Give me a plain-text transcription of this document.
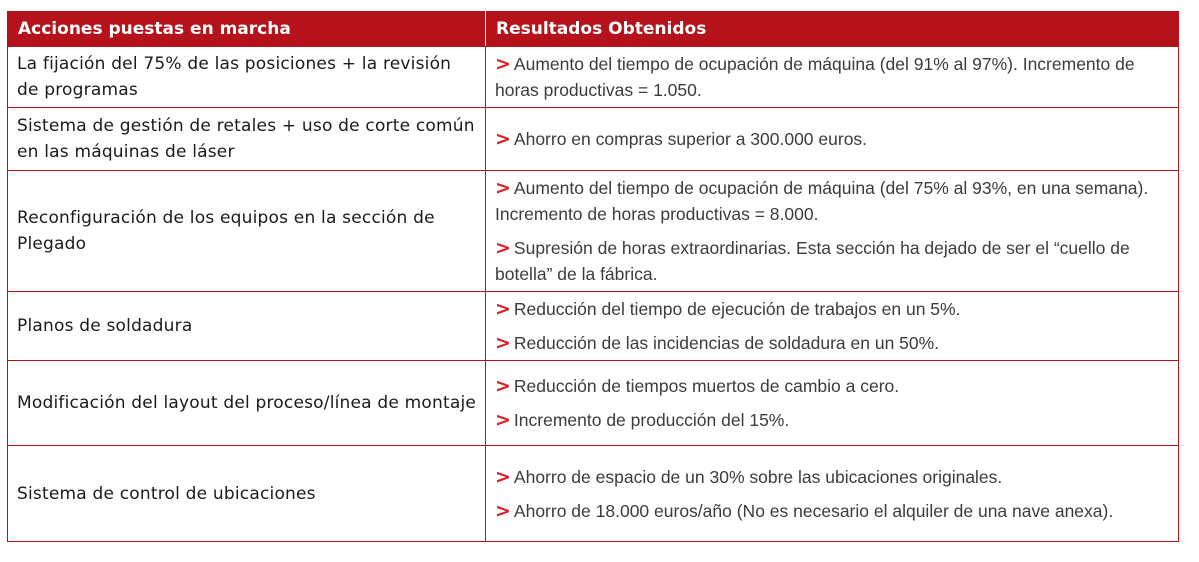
Acciones puestas en marcha	Resultados Obtenidos
La fijación del 75% de las posiciones + la revisión de programas	> Aumento del tiempo de ocupación de máquina (del 91% al 97%). Incremento de horas productivas = 1.050.

Sistema de gestión de retales + uso de corte común en las máquinas de láser	> Ahorro en compras superior a 300.000 euros.

Reconfiguración de los equipos en la sección de Plegado	> Aumento del tiempo de ocupación de máquina (del 75% al 93%, en una semana). Incremento de horas productivas = 8.000.
> Supresión de horas extraordinarias. Esta sección ha dejado de ser el “cuello de botella” de la fábrica.

Planos de soldadura	> Reducción del tiempo de ejecución de trabajos en un 5%.
> Reducción de las incidencias de soldadura en un 50%.

Modificación del layout del proceso/línea de montaje	> Reducción de tiempos muertos de cambio a cero.
> Incremento de producción del 15%.

Sistema de control de ubicaciones	> Ahorro de espacio de un 30% sobre las ubicaciones originales.
> Ahorro de 18.000 euros/año (No es necesario el alquiler de una nave anexa).
